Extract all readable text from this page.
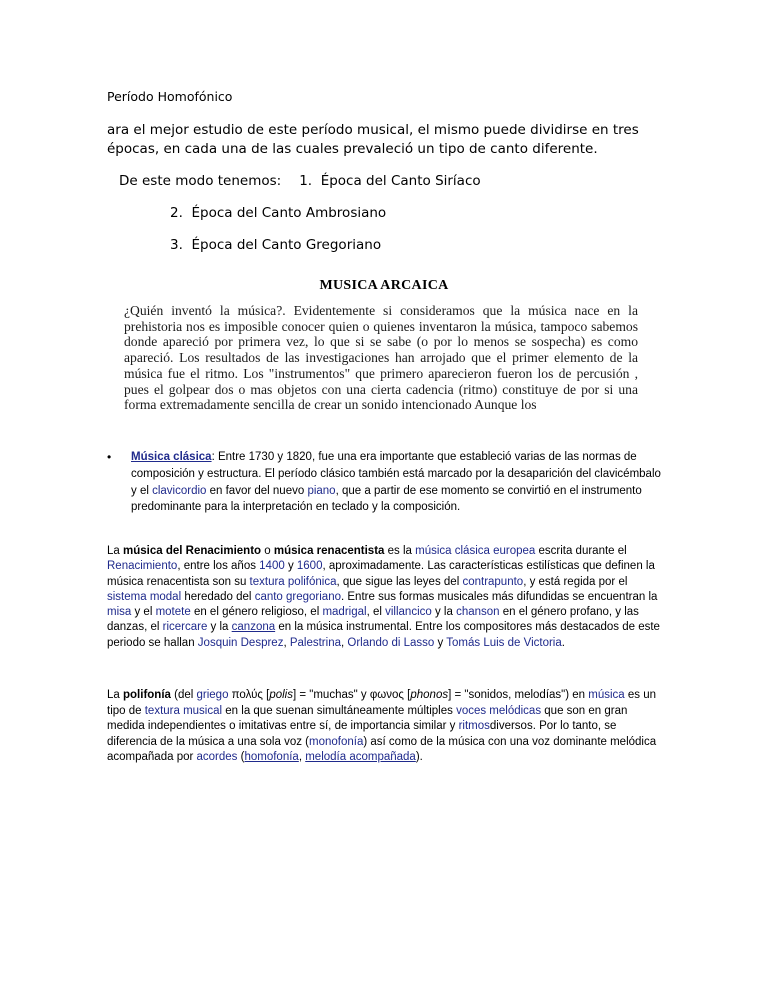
Período Homofónico
ara el mejor estudio de este período musical, el mismo puede dividirse en tres épocas, en cada una de las cuales prevaleció un tipo de canto diferente.
De este modo tenemos: 1. Época del Canto Siríaco
2. Época del Canto Ambrosiano
3. Época del Canto Gregoriano
MUSICA ARCAICA
¿Quién inventó la música?. Evidentemente si consideramos que la música nace en la prehistoria nos es imposible conocer quien o quienes inventaron la música, tampoco sabemos donde apareció por primera vez, lo que si se sabe (o por lo menos se sospecha) es como apareció. Los resultados de las investigaciones han arrojado que el primer elemento de la música fue el ritmo. Los "instrumentos" que primero aparecieron fueron los de percusión , pues el golpear dos o mas objetos con una cierta cadencia (ritmo) constituye de por si una forma extremadamente sencilla de crear un sonido intencionado Aunque los
• Música clásica: Entre 1730 y 1820, fue una era importante que estableció varias de las normas de composición y estructura. El período clásico también está marcado por la desaparición del clavicémbalo y el clavicordio en favor del nuevo piano, que a partir de ese momento se convirtió en el instrumento predominante para la interpretación en teclado y la composición.
La música del Renacimiento o música renacentista es la música clásica europea escrita durante el Renacimiento, entre los años 1400 y 1600, aproximadamente. Las características estilísticas que definen la música renacentista son su textura polifónica, que sigue las leyes del contrapunto, y está regida por el sistema modal heredado del canto gregoriano. Entre sus formas musicales más difundidas se encuentran la misa y el motete en el género religioso, el madrigal, el villancico y la chanson en el género profano, y las danzas, el ricercare y la canzona en la música instrumental. Entre los compositores más destacados de este periodo se hallan Josquin Desprez, Palestrina, Orlando di Lasso y Tomás Luis de Victoria.
La polifonía (del griego πολύς [polis] = "muchas" y φωνος [phonos] = "sonidos, melodías") en música es un tipo de textura musical en la que suenan simultáneamente múltiples voces melódicas que son en gran medida independientes o imitativas entre sí, de importancia similar y ritmosdiversos. Por lo tanto, se diferencia de la música a una sola voz (monofonía) así como de la música con una voz dominante melódica acompañada por acordes (homofonía, melodía acompañada).
